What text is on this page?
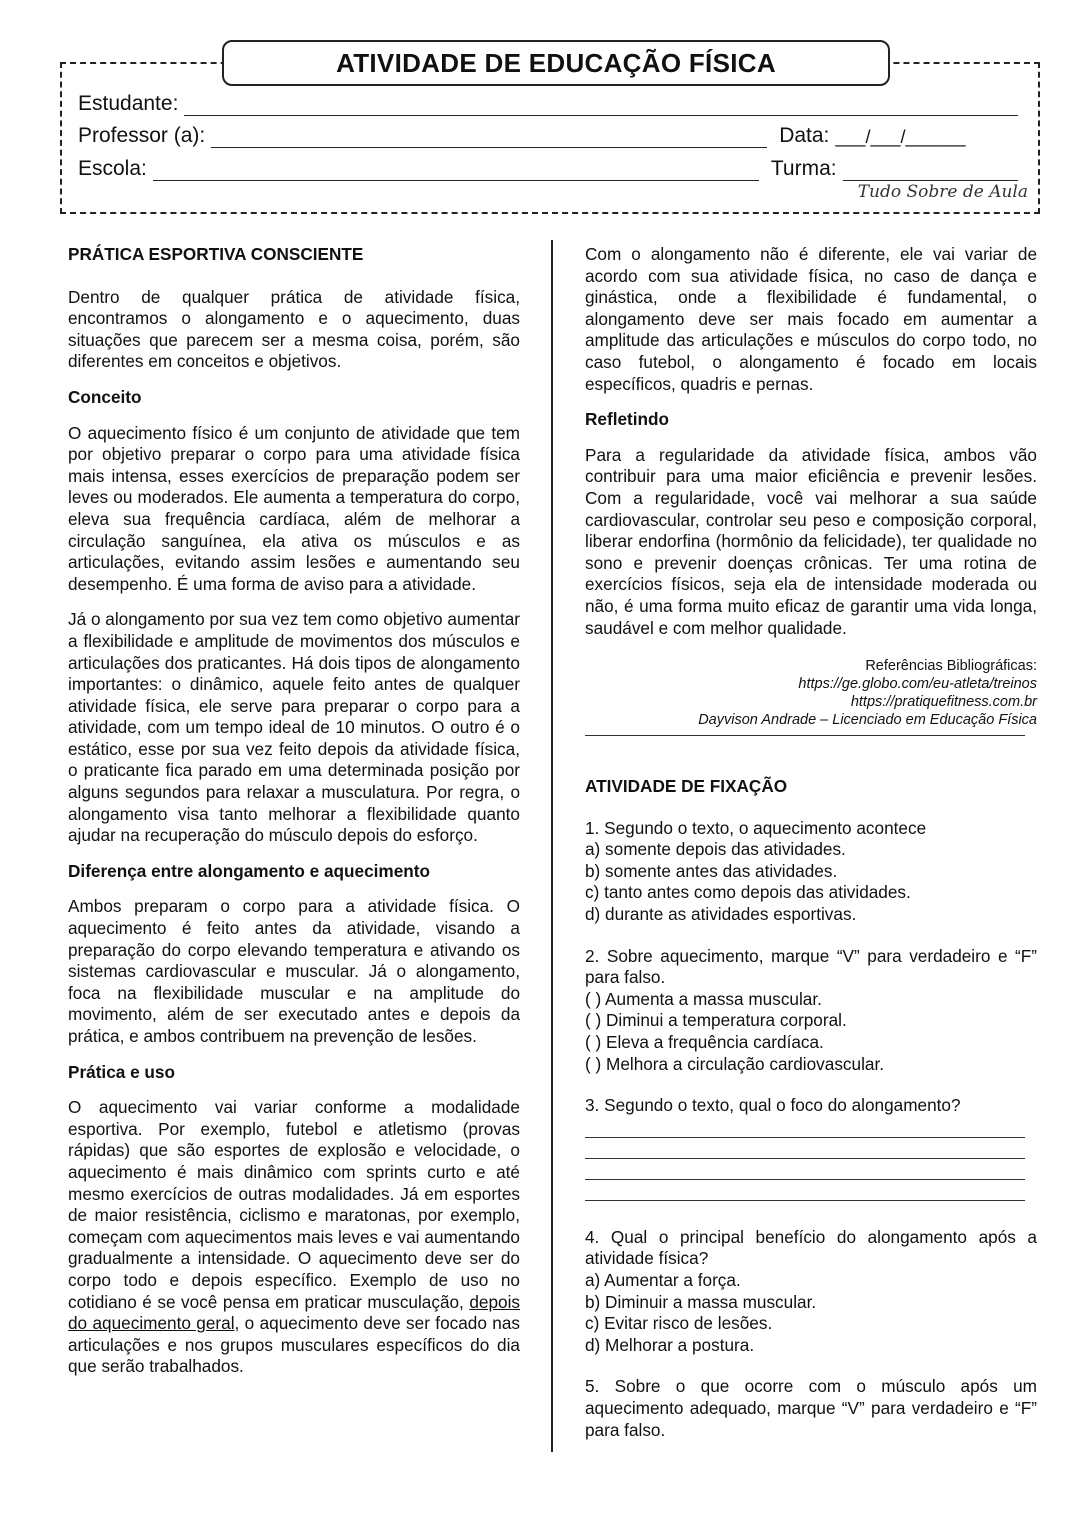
ATIVIDADE DE EDUCAÇÃO FÍSICA
Estudante:
Professor (a):	Data: ___/___/______
Escola:	Turma:
Tudo Sobre de Aula

PRÁTICA ESPORTIVA CONSCIENTE

Dentro de qualquer prática de atividade física, encontramos o alongamento e o aquecimento, duas situações que parecem ser a mesma coisa, porém, são diferentes em conceitos e objetivos.

Conceito

O aquecimento físico é um conjunto de atividade que tem por objetivo preparar o corpo para uma atividade física mais intensa, esses exercícios de preparação podem ser leves ou moderados. Ele aumenta a temperatura do corpo, eleva sua frequência cardíaca, além de melhorar a circulação sanguínea, ela ativa os músculos e as articulações, evitando assim lesões e aumentando seu desempenho. É uma forma de aviso para a atividade.

Já o alongamento por sua vez tem como objetivo aumentar a flexibilidade e amplitude de movimentos dos músculos e articulações dos praticantes. Há dois tipos de alongamento importantes: o dinâmico, aquele feito antes de qualquer atividade física, ele serve para preparar o corpo para a atividade, com um tempo ideal de 10 minutos. O outro é o estático, esse por sua vez feito depois da atividade física, o praticante fica parado em uma determinada posição por alguns segundos para relaxar a musculatura. Por regra, o alongamento visa tanto melhorar a flexibilidade quanto ajudar na recuperação do músculo depois do esforço.

Diferença entre alongamento e aquecimento

Ambos preparam o corpo para a atividade física. O aquecimento é feito antes da atividade, visando a preparação do corpo elevando temperatura e ativando os sistemas cardiovascular e muscular. Já o alongamento, foca na flexibilidade muscular e na amplitude do movimento, além de ser executado antes e depois da prática, e ambos contribuem na prevenção de lesões.

Prática e uso

O aquecimento vai variar conforme a modalidade esportiva. Por exemplo, futebol e atletismo (provas rápidas) que são esportes de explosão e velocidade, o aquecimento é mais dinâmico com sprints curto e até mesmo exercícios de outras modalidades. Já em esportes de maior resistência, ciclismo e maratonas, por exemplo, começam com aquecimentos mais leves e vai aumentando gradualmente a intensidade. O aquecimento deve ser do corpo todo e depois específico. Exemplo de uso no cotidiano é se você pensa em praticar musculação, depois do aquecimento geral, o aquecimento deve ser focado nas articulações e nos grupos musculares específicos do dia que serão trabalhados.

Com o alongamento não é diferente, ele vai variar de acordo com sua atividade física, no caso de dança e ginástica, onde a flexibilidade é fundamental, o alongamento deve ser mais focado em aumentar a amplitude das articulações e músculos do corpo todo, no caso futebol, o alongamento é focado em locais específicos, quadris e pernas.

Refletindo

Para a regularidade da atividade física, ambos vão contribuir para uma maior eficiência e prevenir lesões. Com a regularidade, você vai melhorar a sua saúde cardiovascular, controlar seu peso e composição corporal, liberar endorfina (hormônio da felicidade), ter qualidade no sono e prevenir doenças crônicas. Ter uma rotina de exercícios físicos, seja ela de intensidade moderada ou não, é uma forma muito eficaz de garantir uma vida longa, saudável e com melhor qualidade.

Referências Bibliográficas:
https://ge.globo.com/eu-atleta/treinos
https://pratiquefitness.com.br
Dayvison Andrade – Licenciado em Educação Física

ATIVIDADE DE FIXAÇÃO

1. Segundo o texto, o aquecimento acontece

a) somente depois das atividades.

b) somente antes das atividades.

c) tanto antes como depois das atividades.

d) durante as atividades esportivas.

2. Sobre aquecimento, marque “V” para verdadeiro e “F” para falso.

( ) Aumenta a massa muscular.

( ) Diminui a temperatura corporal.

( ) Eleva a frequência cardíaca.

( ) Melhora a circulação cardiovascular.

3. Segundo o texto, qual o foco do alongamento?

4. Qual o principal benefício do alongamento após a atividade física?

a) Aumentar a força.

b) Diminuir a massa muscular.

c) Evitar risco de lesões.

d) Melhorar a postura.

5. Sobre o que ocorre com o músculo após um aquecimento adequado, marque “V” para verdadeiro e “F” para falso.
